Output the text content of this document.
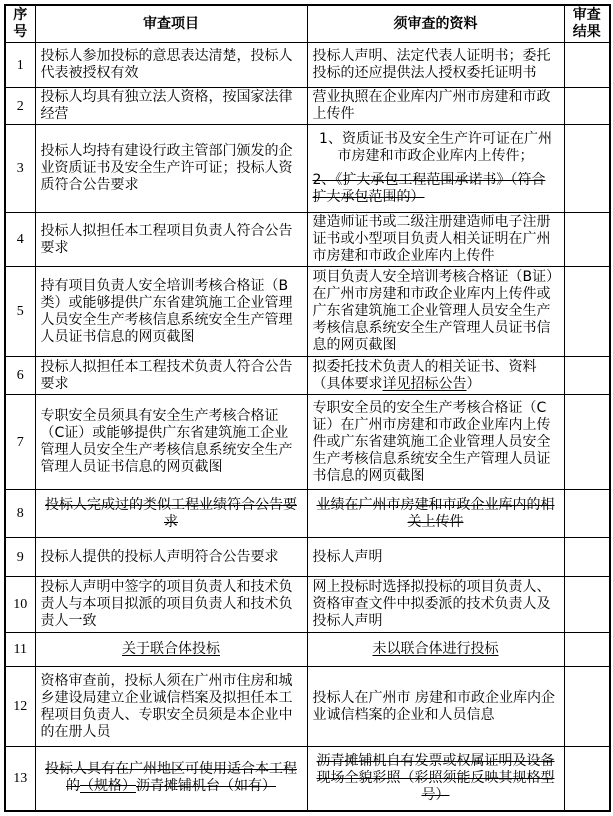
序号	审查项目	须审查的资料	审查结果
1	投标人参加投标的意思表达清楚，投标人代表被授权有效	投标人声明、法定代表人证明书；委托投标的还应提供法人授权委托证明书	
2	投标人均具有独立法人资格，按国家法律经营	营业执照在企业库内广州市房建和市政上传件	
3	投标人均持有建设行政主管部门颁发的企业资质证书及安全生产许可证；投标人资质符合公告要求	1、资质证书及安全生产许可证在广州市房建和市政企业库内上传件；
2、《扩大承包工程范围承诺书》（符合扩大承包范围的）	

4	投标人拟担任本工程项目负责人符合公告要求	建造师证书或二级注册建造师电子注册证书或小型项目负责人相关证明在广州市房建和市政企业库内上传件	
5	持有项目负责人安全培训考核合格证（B类）或能够提供广东省建筑施工企业管理人员安全生产考核信息系统安全生产管理人员证书信息的网页截图	项目负责人安全培训考核合格证（B证）在广州市房建和市政企业库内上传件或广东省建筑施工企业管理人员安全生产考核信息系统安全生产管理人员证书信息的网页截图	
6	投标人拟担任本工程技术负责人符合公告要求	拟委托技术负责人的相关证书、资料（具体要求详见招标公告）	
7	专职安全员须具有安全生产考核合格证（C证）或能够提供广东省建筑施工企业管理人员安全生产考核信息系统安全生产管理人员证书信息的网页截图	专职安全员的安全生产考核合格证（C证）在广州市房建和市政企业库内上传件或广东省建筑施工企业管理人员安全生产考核信息系统安全生产管理人员证书信息的网页截图	
8	投标人完成过的类似工程业绩符合公告要求	业绩在广州市房建和市政企业库内的相关上传件	
9	投标人提供的投标人声明符合公告要求	投标人声明	
10	投标人声明中签字的项目负责人和技术负责人与本项目拟派的项目负责人和技术负责人一致	网上投标时选择拟投标的项目负责人、资格审查文件中拟委派的技术负责人及投标人声明	
11	关于联合体投标	未以联合体进行投标	
12	资格审查前，投标人须在广州市住房和城乡建设局建立企业诚信档案及拟担任本工程项目负责人、专职安全员须是本企业中的在册人员	投标人在广州市 房建和市政企业库内企业诚信档案的企业和人员信息	
13	投标人具有在广州地区可使用适合本工程的（规格）沥青摊铺机台（如有）	沥青摊铺机自有发票或权属证明及设备现场全貌彩照（彩照须能反映其规格型号）	
